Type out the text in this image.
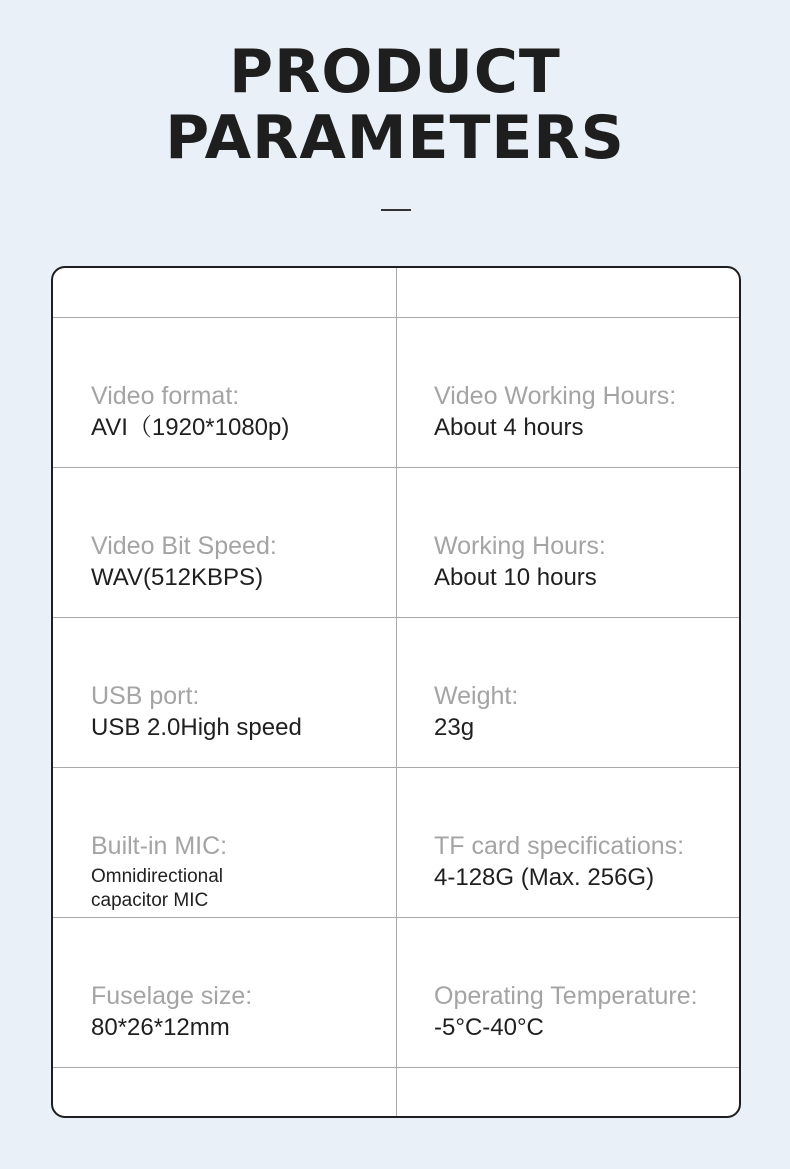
PRODUCT
PARAMETERS
Video format:
AVI（1920*1080p)
Video Working Hours:
About 4 hours
Video Bit Speed:
WAV(512KBPS)
Working Hours:
About 10 hours
USB port:
USB 2.0High speed
Weight:
23g
Built-in MIC:
Omnidirectional
capacitor MIC
TF card specifications:
4-128G (Max. 256G)
Fuselage size:
80*26*12mm
Operating Temperature:
-5°C-40°C
